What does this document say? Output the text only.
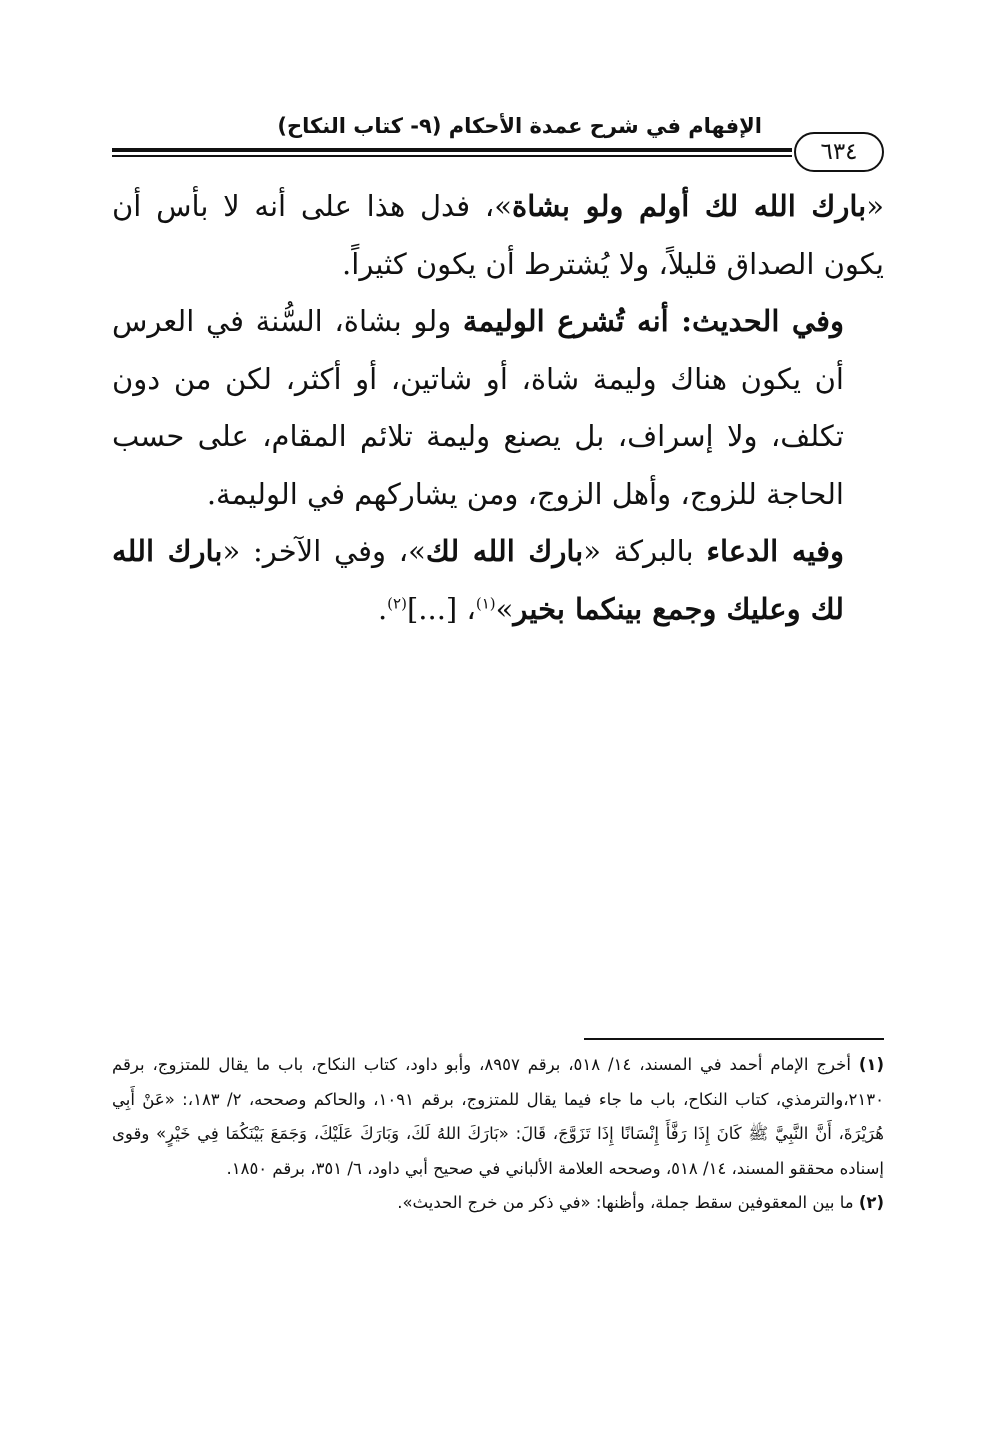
الإفهام في شرح عمدة الأحكام (٩- كتاب النكاح)
٦٣٤

«بارك الله لك أولم ولو بشاة»، فدل هذا على أنه لا بأس أن يكون الصداق قليلاً، ولا يُشترط أن يكون كثيراً.

وفي الحديث: أنه تُشرع الوليمة ولو بشاة، السُّنة في العرس أن يكون هناك وليمة شاة، أو شاتين، أو أكثر، لكن من دون تكلف، ولا إسراف، بل يصنع وليمة تلائم المقام، على حسب الحاجة للزوج، وأهل الزوج، ومن يشاركهم في الوليمة.

وفيه الدعاء بالبركة «بارك الله لك»، وفي الآخر: «بارك الله لك وعليك وجمع بينكما بخير»$^{(١)}$، [...]$^{(٢)}$.

(١) أخرج الإمام أحمد في المسند، ١٤/ ٥١٨، برقم ٨٩٥٧، وأبو داود، كتاب النكاح، باب ما يقال للمتزوج، برقم ٢١٣٠،والترمذي، كتاب النكاح، باب ما جاء فيما يقال للمتزوج، برقم ١٠٩١، والحاكم وصححه، ٢/ ١٨٣،: «عَنْ أَبِي هُرَيْرَةَ، أَنَّ النَّبِيَّ ﷺ كَانَ إِذَا رَفَّأَ إِنْسَانًا إِذَا تَزَوَّجَ، قَالَ: «بَارَكَ اللهُ لَكَ، وَبَارَكَ عَلَيْكَ، وَجَمَعَ بَيْنَكُمَا فِي خَيْرٍ» وقوى إسناده محققو المسند، ١٤/ ٥١٨، وصححه العلامة الألباني في صحيح أبي داود، ٦/ ٣٥١، برقم ١٨٥٠.

(٢) ما بين المعقوفين سقط جملة، وأظنها: «في ذكر من خرج الحديث».
